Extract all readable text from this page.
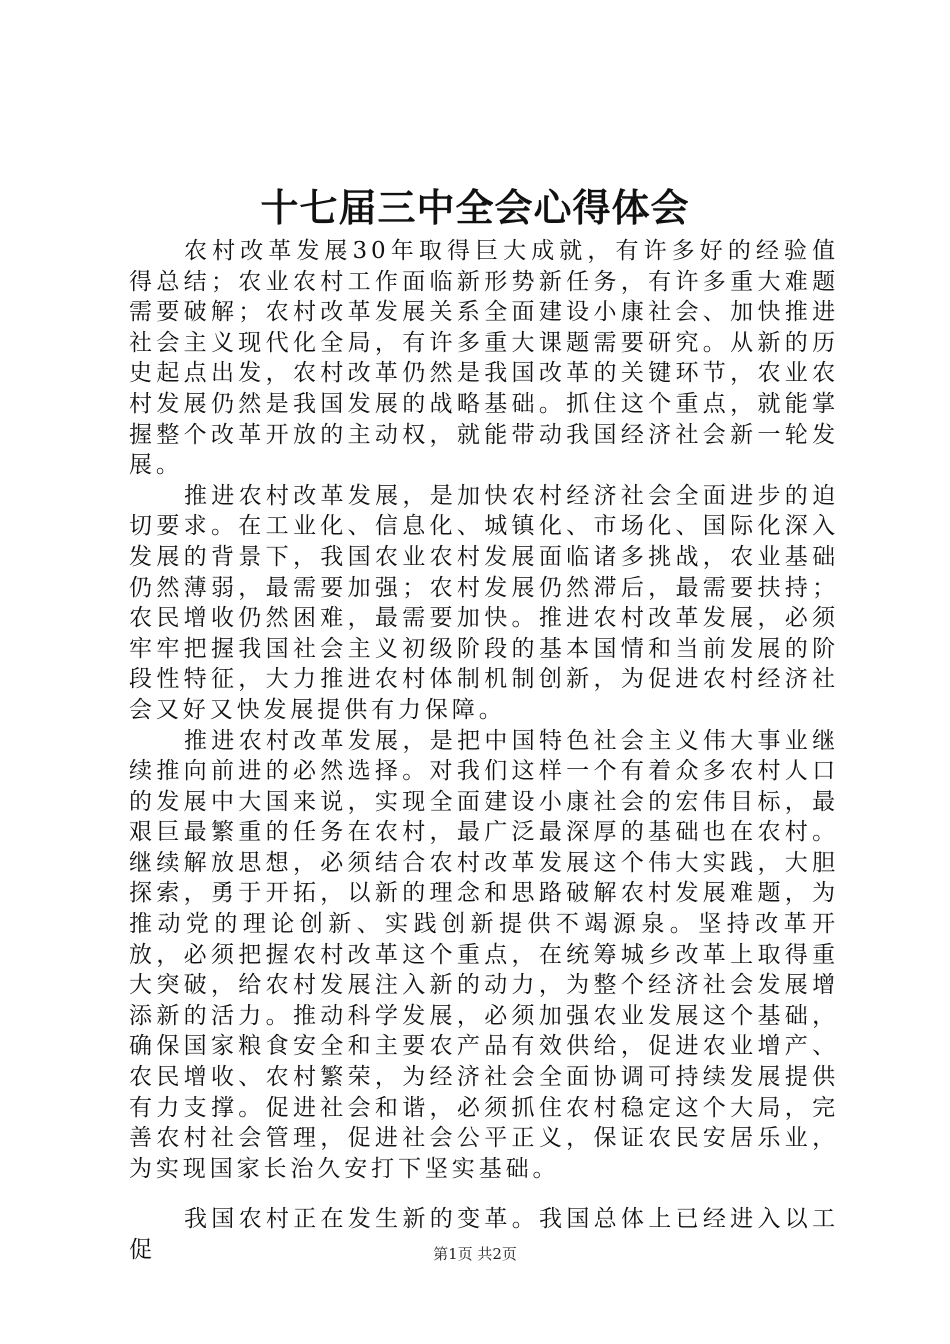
十七届三中全会心得体会

农村改革发展30年取得巨大成就，有许多好的经验值得总结；农业农村工作面临新形势新任务，有许多重大难题需要破解；农村改革发展关系全面建设小康社会、加快推进社会主义现代化全局，有许多重大课题需要研究。从新的历史起点出发，农村改革仍然是我国改革的关键环节，农业农村发展仍然是我国发展的战略基础。抓住这个重点，就能掌握整个改革开放的主动权，就能带动我国经济社会新一轮发展。

推进农村改革发展，是加快农村经济社会全面进步的迫切要求。在工业化、信息化、城镇化、市场化、国际化深入发展的背景下，我国农业农村发展面临诸多挑战，农业基础仍然薄弱，最需要加强；农村发展仍然滞后，最需要扶持；农民增收仍然困难，最需要加快。推进农村改革发展，必须牢牢把握我国社会主义初级阶段的基本国情和当前发展的阶段性特征，大力推进农村体制机制创新，为促进农村经济社会又好又快发展提供有力保障。

推进农村改革发展，是把中国特色社会主义伟大事业继续推向前进的必然选择。对我们这样一个有着众多农村人口的发展中大国来说，实现全面建设小康社会的宏伟目标，最艰巨最繁重的任务在农村，最广泛最深厚的基础也在农村。继续解放思想，必须结合农村改革发展这个伟大实践，大胆探索，勇于开拓，以新的理念和思路破解农村发展难题，为推动党的理论创新、实践创新提供不竭源泉。坚持改革开放，必须把握农村改革这个重点，在统筹城乡改革上取得重大突破，给农村发展注入新的动力，为整个经济社会发展增添新的活力。推动科学发展，必须加强农业发展这个基础，确保国家粮食安全和主要农产品有效供给，促进农业增产、农民增收、农村繁荣，为经济社会全面协调可持续发展提供有力支撑。促进社会和谐，必须抓住农村稳定这个大局，完善农村社会管理，促进社会公平正义，保证农民安居乐业，为实现国家长治久安打下坚实基础。

我国农村正在发生新的变革。我国总体上已经进入以工促	第1页 共2页
